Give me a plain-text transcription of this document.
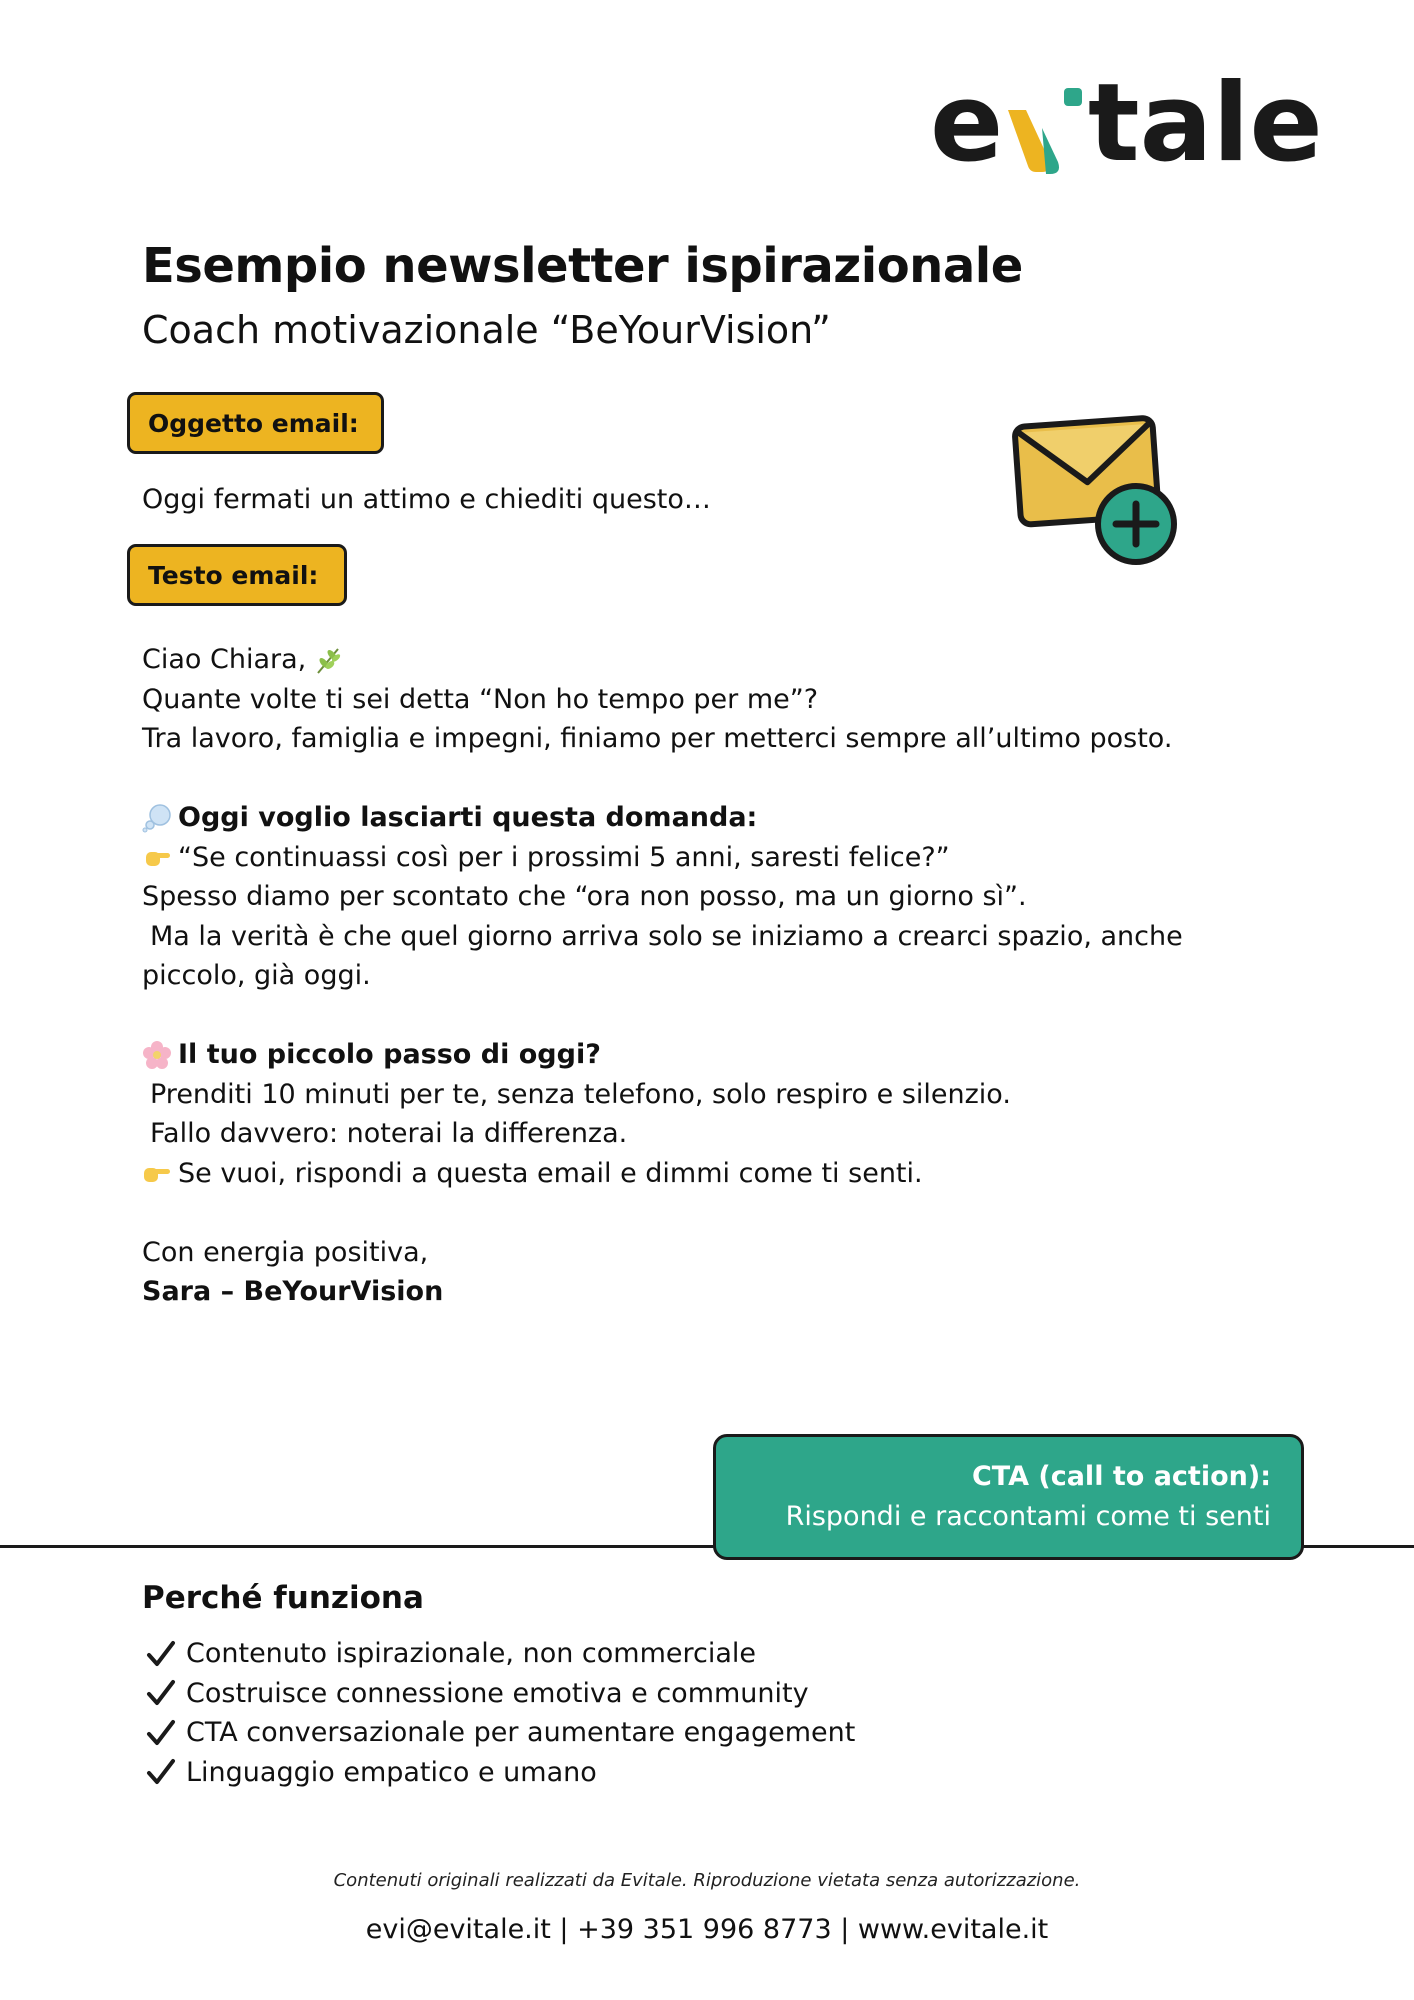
e tale
Esempio newsletter ispirazionale
Coach motivazionale “BeYourVision”
Oggetto email:
Oggi fermati un attimo e chiediti questo…
Testo email:
Ciao Chiara,
Quante volte ti sei detta “Non ho tempo per me”?
Tra lavoro, famiglia e impegni, finiamo per metterci sempre all’ultimo posto.
Oggi voglio lasciarti questa domanda:
“Se continuassi così per i prossimi 5 anni, saresti felice?”
Spesso diamo per scontato che “ora non posso, ma un giorno sì”.
Ma la verità è che quel giorno arriva solo se iniziamo a crearci spazio, anche piccolo, già oggi.
Il tuo piccolo passo di oggi?
Prenditi 10 minuti per te, senza telefono, solo respiro e silenzio.
Fallo davvero: noterai la differenza.
Se vuoi, rispondi a questa email e dimmi come ti senti.
Con energia positiva,
Sara – BeYourVision
CTA (call to action):
Rispondi e raccontami come ti senti
Perché funziona
Contenuto ispirazionale, non commerciale
Costruisce connessione emotiva e community
CTA conversazionale per aumentare engagement
Linguaggio empatico e umano
Contenuti originali realizzati da Evitale. Riproduzione vietata senza autorizzazione.
evi@evitale.it | +39 351 996 8773 | www.evitale.it
